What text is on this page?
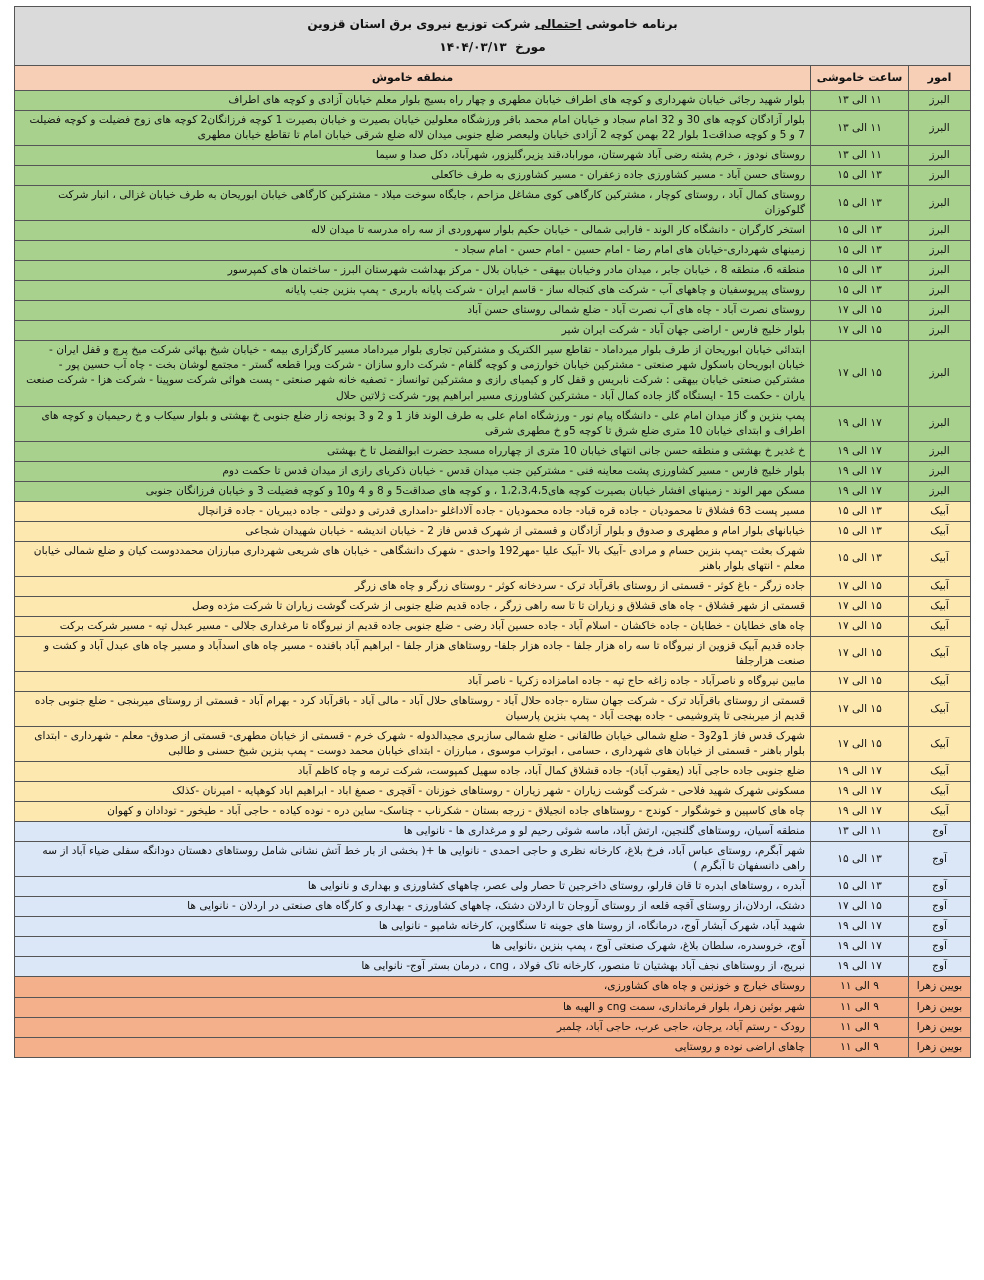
برنامه خاموشی احتمالی شرکت توزیع نیروی برق استان قزوین
مورخ  ۱۴۰۴/۰۳/۱۳		

امور	ساعت خاموشی	منطقه خاموش
البرز	۱۱ الی ۱۳	بلوار شهید رجائی خیابان شهرداری و کوچه های اطراف خیابان مطهری و چهار راه بسیج بلوار معلم خیابان آزادی و کوچه های اطراف
البرز	۱۱ الی ۱۳	بلوار آزادگان کوچه های 30 و 32 امام سجاد و خیابان امام محمد باقر ورزشگاه معلولین خیابان بصیرت و خیابان بصیرت 1 کوچه فرزانگان2 کوچه های زوج فضیلت و کوچه فضیلت 7 و 5 و کوچه صداقت1 بلوار 22 بهمن کوچه 2 آزادی خیابان ولیعصر ضلع جنوبی میدان لاله ضلع شرقی خیابان امام تا تقاطع خیابان مطهری
البرز	۱۱ الی ۱۳	روستای نودوز ، خرم پشته رضی آباد شهرستان، موراباد،قند یزیر،گلیزور، شهرآباد، دکل صدا و سیما
البرز	۱۳ الی ۱۵	روستای حسن آباد - مسیر کشاورزی جاده زعفران - مسیر کشاورزی به طرف خاکعلی
البرز	۱۳ الی ۱۵	روستای کمال آباد ، روستای کوچار ، مشترکین کارگاهی کوی مشاغل مزاحم ، جایگاه سوخت میلاد - مشترکین کارگاهی خیابان ابوریحان به طرف خیابان غزالی ، انبار شرکت گلوکوزان
البرز	۱۳ الی ۱۵	استخر کارگران - دانشگاه کار الوند - فارابی شمالی - خیابان حکیم بلوار سهروردی از سه راه مدرسه تا میدان لاله
البرز	۱۳ الی ۱۵	زمینهای شهرداری-خیابان های امام رضا - امام حسین - امام حسن - امام سجاد -
البرز	۱۳ الی ۱۵	منطقه 6، منطقه 8 ، خیابان جابر ، میدان مادر وخیابان بیهقی - خیابان بلال - مرکز بهداشت شهرستان البرز - ساختمان های کمپرسور
البرز	۱۳ الی ۱۵	روستای پیرپوسفیان و چاههای آب - شرکت های کنجاله ساز - قاسم ایران - شرکت پایانه باربری - پمپ بنزین جنب پایانه
البرز	۱۵ الی ۱۷	روستای نصرت آباد - چاه های آب نصرت آباد - ضلع شمالی روستای حسن آباد
البرز	۱۵ الی ۱۷	بلوار خلیج فارس - اراضی جهان آباد - شرکت ایران شیر
البرز	۱۵ الی ۱۷	ابتدائی خیابان ابوریحان از طرف بلوار میرداماد - تقاطع سیر الکتریک و مشترکین تجاری بلوار میرداماد مسیر کارگزاری بیمه - خیابان شیخ بهائی شرکت میخ پرچ و قفل ایران - خیابان ابوریحان باسکول شهر صنعتی - مشترکین خیابان خوارزمی و کوچه گلفام - شرکت دارو سازان - شرکت ویرا قطعه گستر - مجتمع لوشان بخت - چاه آب حسین پور - مشترکین صنعتی خیابان بیهقی : شرکت نابریس و قفل کار و کیمیای رازی و مشترکین توانساز - تصفیه خانه شهر صنعتی - پست هوائی شرکت سوپینا - شرکت هزا - شرکت صنعت یاران - حکمت 15 - ایستگاه گاز جاده کمال آباد - مشترکین کشاورزی مسیر ابراهیم پور- شرکت ژلاتین حلال
البرز	۱۷ الی ۱۹	پمپ بنزین و گاز میدان امام علی - دانشگاه پیام نور - ورزشگاه امام علی به طرف الوند فاز 1 و 2 و 3 یونجه زار ضلع جنوبی خ بهشتی و بلوار سیکاب و خ رحیمیان و کوچه های اطراف و ابتدای خیابان 10 متری ضلع شرق تا کوچه 5و خ مطهری شرقی
البرز	۱۷ الی ۱۹	خ غدیر خ بهشتی و منطقه حسن جانی انتهای خیابان 10 متری از چهارراه مسجد حضرت ابوالفضل تا خ بهشتی
البرز	۱۷ الی ۱۹	بلوار خلیج فارس - مسیر کشاورزی پشت معاینه فنی - مشترکین جنب میدان قدس - خیابان ذکریای رازی از میدان قدس تا حکمت دوم
البرز	۱۷ الی ۱۹	مسکن مهر الوند - زمینهای افشار خیابان بصیرت کوچه های1،2،3،4،5 ، و کوچه های صداقت5 و 8 و 4 و10 و کوچه فضیلت 3 و خیابان فرزانگان جنوبی
آبیک	۱۳ الی ۱۵	مسیر پست 63 قشلاق تا محمودیان - جاده قره قباد- جاده محمودیان - جاده آلاداغلو -دامداری قدرتی و دولتی - جاده دیبریان - جاده قزانچال
آبیک	۱۳ الی ۱۵	خیابانهای بلوار امام و مطهری و صدوق و بلوار آزادگان و قسمتی از شهرک قدس فاز 2 - خیابان اندیشه - خیابان شهیدان شجاعی
آبیک	۱۳ الی ۱۵	شهرک بعثت -پمپ بنزین حسام و مرادی -آبیک بالا -آبیک علیا -مهر192 واحدی - شهرک دانشگاهی - خیابان های شریعی شهرداری مبارزان محمددوست کیان و ضلع شمالی خیابان معلم - انتهای بلوار باهنر
آبیک	۱۵ الی ۱۷	جاده زرگر - باغ کوثر - قسمتی از روستای باقرآباد ترک - سردخانه کوثر - روستای زرگر و چاه های زرگر
آبیک	۱۵ الی ۱۷	قسمتی از شهر قشلاق - چاه های قشلاق و زیاران تا تا سه راهی زرگر ، جاده قدیم ضلع جنوبی از شرکت گوشت زیاران تا شرکت مژده وصل
آبیک	۱۵ الی ۱۷	چاه های خطایان - خطایان - جاده خاکشان - اسلام آباد - جاده حسین آباد رضی - ضلع جنوبی جاده قدیم از نیروگاه تا مرغداری جلالی - مسیر عبدل تپه - مسیر شرکت برکت
آبیک	۱۵ الی ۱۷	جاده قدیم آبیک قزوین از نیروگاه تا سه راه هزار جلفا - جاده هزار جلفا- روستاهای هزار جلفا - ابراهیم آباد بافنده - مسیر چاه های اسدآباد و مسیر چاه های عبدل آباد و کشت و صنعت هزارجلفا
آبیک	۱۵ الی ۱۷	مابین نیروگاه و ناصرآباد - جاده زاغه حاج تپه - جاده امامزاده زکریا - ناصر آباد
آبیک	۱۵ الی ۱۷	قسمتی از روستای باقرآباد ترک - شرکت جهان ستاره -جاده حلال آباد - روستاهای حلال آباد - مالی آباد - باقرآباد کرد - بهرام آباد - قسمتی از روستای میربنجی - ضلع جنوبی جاده قدیم از میربنجی تا پتروشیمی - جاده بهجت آباد - پمپ بنزین پارسیان
آبیک	۱۵ الی ۱۷	شهرک قدس فاز 1و2و3 - ضلع شمالی خیابان طالقانی - ضلع شمالی سازبری مجیدالدوله - شهرک خرم - قسمتی از خیابان مطهری- قسمتی از صدوق- معلم - شهرداری - ابتدای بلوار باهنر - قسمتی از خیابان های شهرداری ، حسامی ، ابوتراب موسوی ، مبارزان - ابتدای خیابان محمد دوست - پمپ بنزین شیخ حسنی و طالبی
آبیک	۱۷ الی ۱۹	ضلع جنوبی جاده حاجی آباد (یعقوب آباد)- جاده قشلاق کمال آباد، جاده سهیل کمپوست، شرکت ترمه و چاه کاظم آباد
آبیک	۱۷ الی ۱۹	مسکونی شهرک شهید فلاحی - شرکت گوشت زیاران - شهر زیاران - روستاهای خوزنان - آقچری - صمغ اباد - ابراهیم اباد کوهپایه - امیرنان -کذلک
آبیک	۱۷ الی ۱۹	چاه های کاسپین و خوشگوار - کوندج - روستاهای جاده انجیلاق - زرجه بستان - شکرناب - چناسک- ساین دره - نوده کیاده - حاجی آباد - طیخور - تودادان و کهوان
آوج	۱۱ الی ۱۳	منطقه آسیان، روستاهای گلنجین، ارتش آباد، ماسه شوئی رحیم لو و مرغداری ها - نانوایی ها
آوج	۱۳ الی ۱۵	شهر آبگرم، روستای عباس آباد، فرخ بلاغ، کارخانه نظری و حاجی احمدی - نانوایی ها +( بخشی از بار خط آتش نشانی شامل روستاهای دهستان دودانگه سفلی ضیاء آباد از سه راهی دانسفهان تا آبگرم )
آوج	۱۳ الی ۱۵	آبدره ، روستاهای ابدره تا قان قارلو، روستای داخرجین تا حصار ولی عصر، چاههای کشاورزی و بهداری و نانوایی ها
آوج	۱۵ الی ۱۷	دشتک، اردلان،از روستای آقچه قلعه از روستای آروجان تا اردلان دشتک، چاههای کشاورزی - بهداری و کارگاه های صنعتی در اردلان - نانوایی ها
آوج	۱۷ الی ۱۹	شهید آباد، شهرک آبشار آوج، درمانگاه، از روستا های جوینه تا سنگاوین، کارخانه شامپو - نانوایی ها
آوج	۱۷ الی ۱۹	آوج، خروسدره، سلطان بلاغ، شهرک صنعتی آوج ، پمپ بنزین ،نانوایی ها
آوج	۱۷ الی ۱۹	نبریج، از روستاهای نجف آباد بهشتیان تا منصور، کارخانه تاک فولاد ، cng ، درمان بستر آوج- نانوایی ها
بویین زهرا	۹ الی ۱۱	روستای خیارج و خوزنین و چاه های کشاورزی،
بویین زهرا	۹ الی ۱۱	شهر بوئین زهرا، بلوار فرمانداری، سمت cng و الهیه ها
بویین زهرا	۹ الی ۱۱	رودک - رستم آباد، یرجان، حاجی عرب، حاجی آباد، چلمبر
بویین زهرا	۹ الی ۱۱	چاهای اراضی نوده و روستایی
